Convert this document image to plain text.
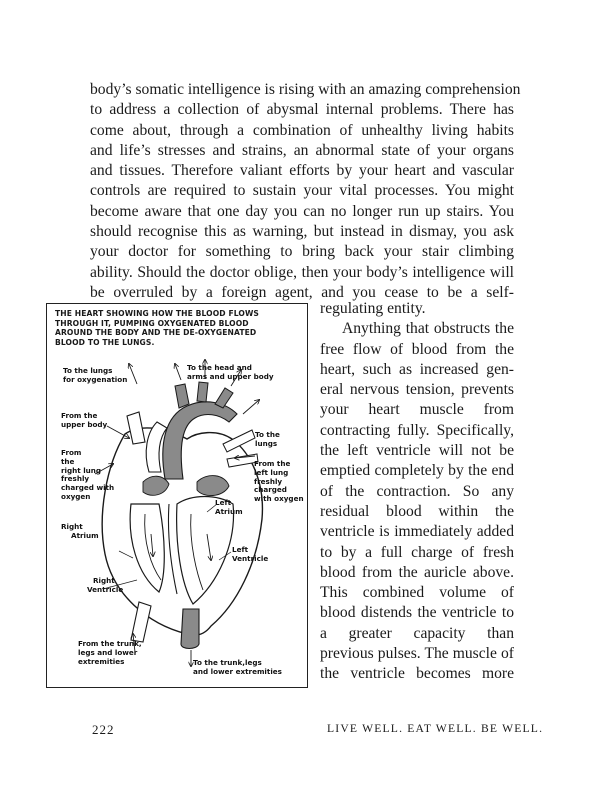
body’s somatic intelligence is rising with an amazing comprehension
to address a collection of abysmal internal problems. There has
come about, through a combination of unhealthy living habits
and life’s stresses and strains, an abnormal state of your organs
and tissues. Therefore valiant efforts by your heart and vascular
controls are required to sustain your vital processes. You might
become aware that one day you can no longer run up stairs. You
should recognise this as warning, but instead in dismay, you ask
your doctor for something to bring back your stair climbing
ability. Should the doctor oblige, then your body’s intelligence will
be overruled by a foreign agent, and you cease to be a self-

regulating entity.
Anything that obstructs the
free flow of blood from the
heart, such as increased gen-
eral nervous tension, prevents
your heart muscle from
contracting fully. Specifically,
the left ventricle will not be
emptied completely by the end
of the contraction. So any
residual blood within the
ventricle is immediately added
to by a full charge of fresh
blood from the auricle above.
This combined volume of
blood distends the ventricle to
a greater capacity than
previous pulses. The muscle of
the ventricle becomes more

THE HEART SHOWING HOW THE BLOOD FLOWS
THROUGH IT, PUMPING OXYGENATED BLOOD
AROUND THE BODY AND THE DE-OXYGENATED
BLOOD TO THE LUNGS.

To the lungs
for oxygenation

To the head and
arms and upper body

From the
upper body

To the
lungs

From
the
right lung
freshly
charged with
oxygen

From the
left lung
freshly
charged
with oxygen

Left
Atrium

Right
Atrium

Left
Ventricle

Right
Ventricle

From the trunk,
legs and lower
extremities	To the trunk,legs
and lower extremities

222	LIVE WELL. EAT WELL. BE WELL.
